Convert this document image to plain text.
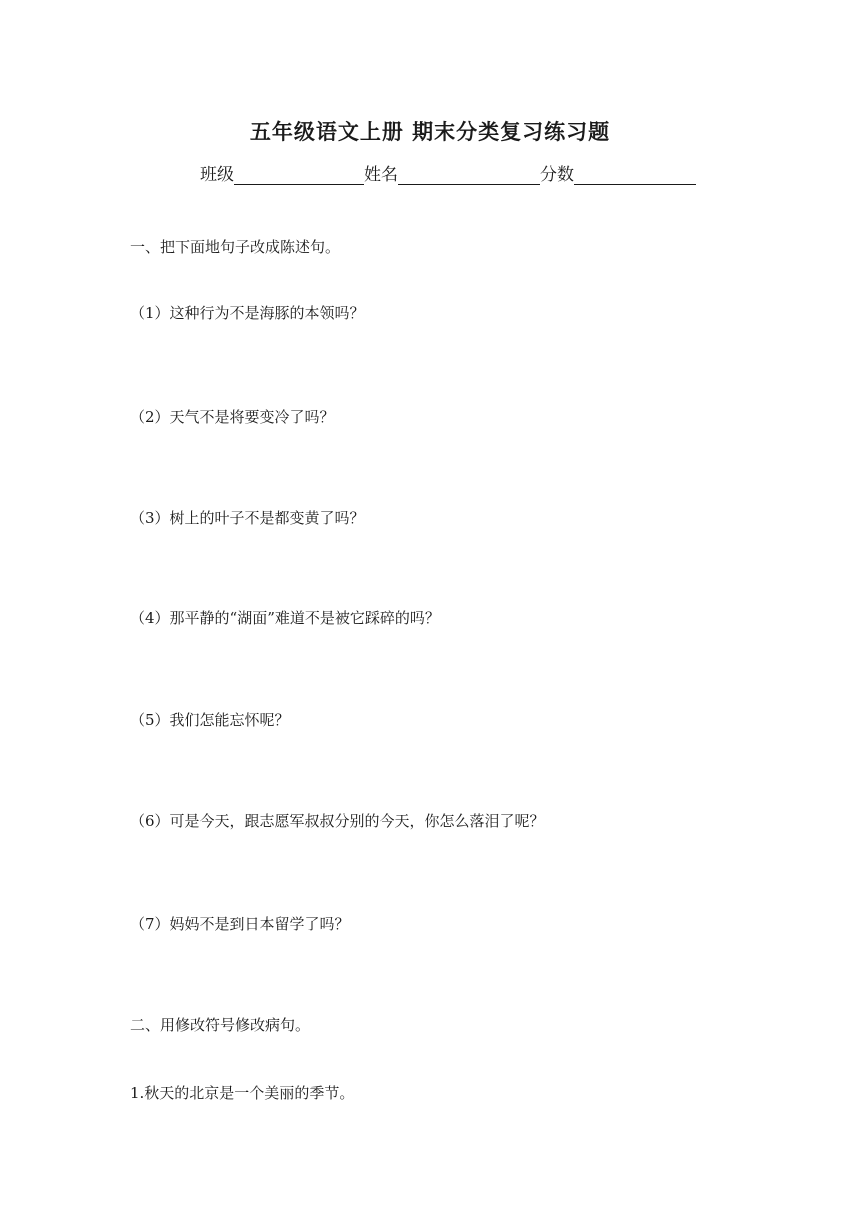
五年级语文上册 期末分类复习练习题
班级	姓名	分数
一、把下面地句子改成陈述句。
（1）这种行为不是海豚的本领吗？
（2）天气不是将要变冷了吗？
（3）树上的叶子不是都变黄了吗？
（4）那平静的“湖面”难道不是被它踩碎的吗？
（5）我们怎能忘怀呢？
（6）可是今天，跟志愿军叔叔分别的今天，你怎么落泪了呢？
（7）妈妈不是到日本留学了吗？
二、用修改符号修改病句。
1.秋天的北京是一个美丽的季节。
